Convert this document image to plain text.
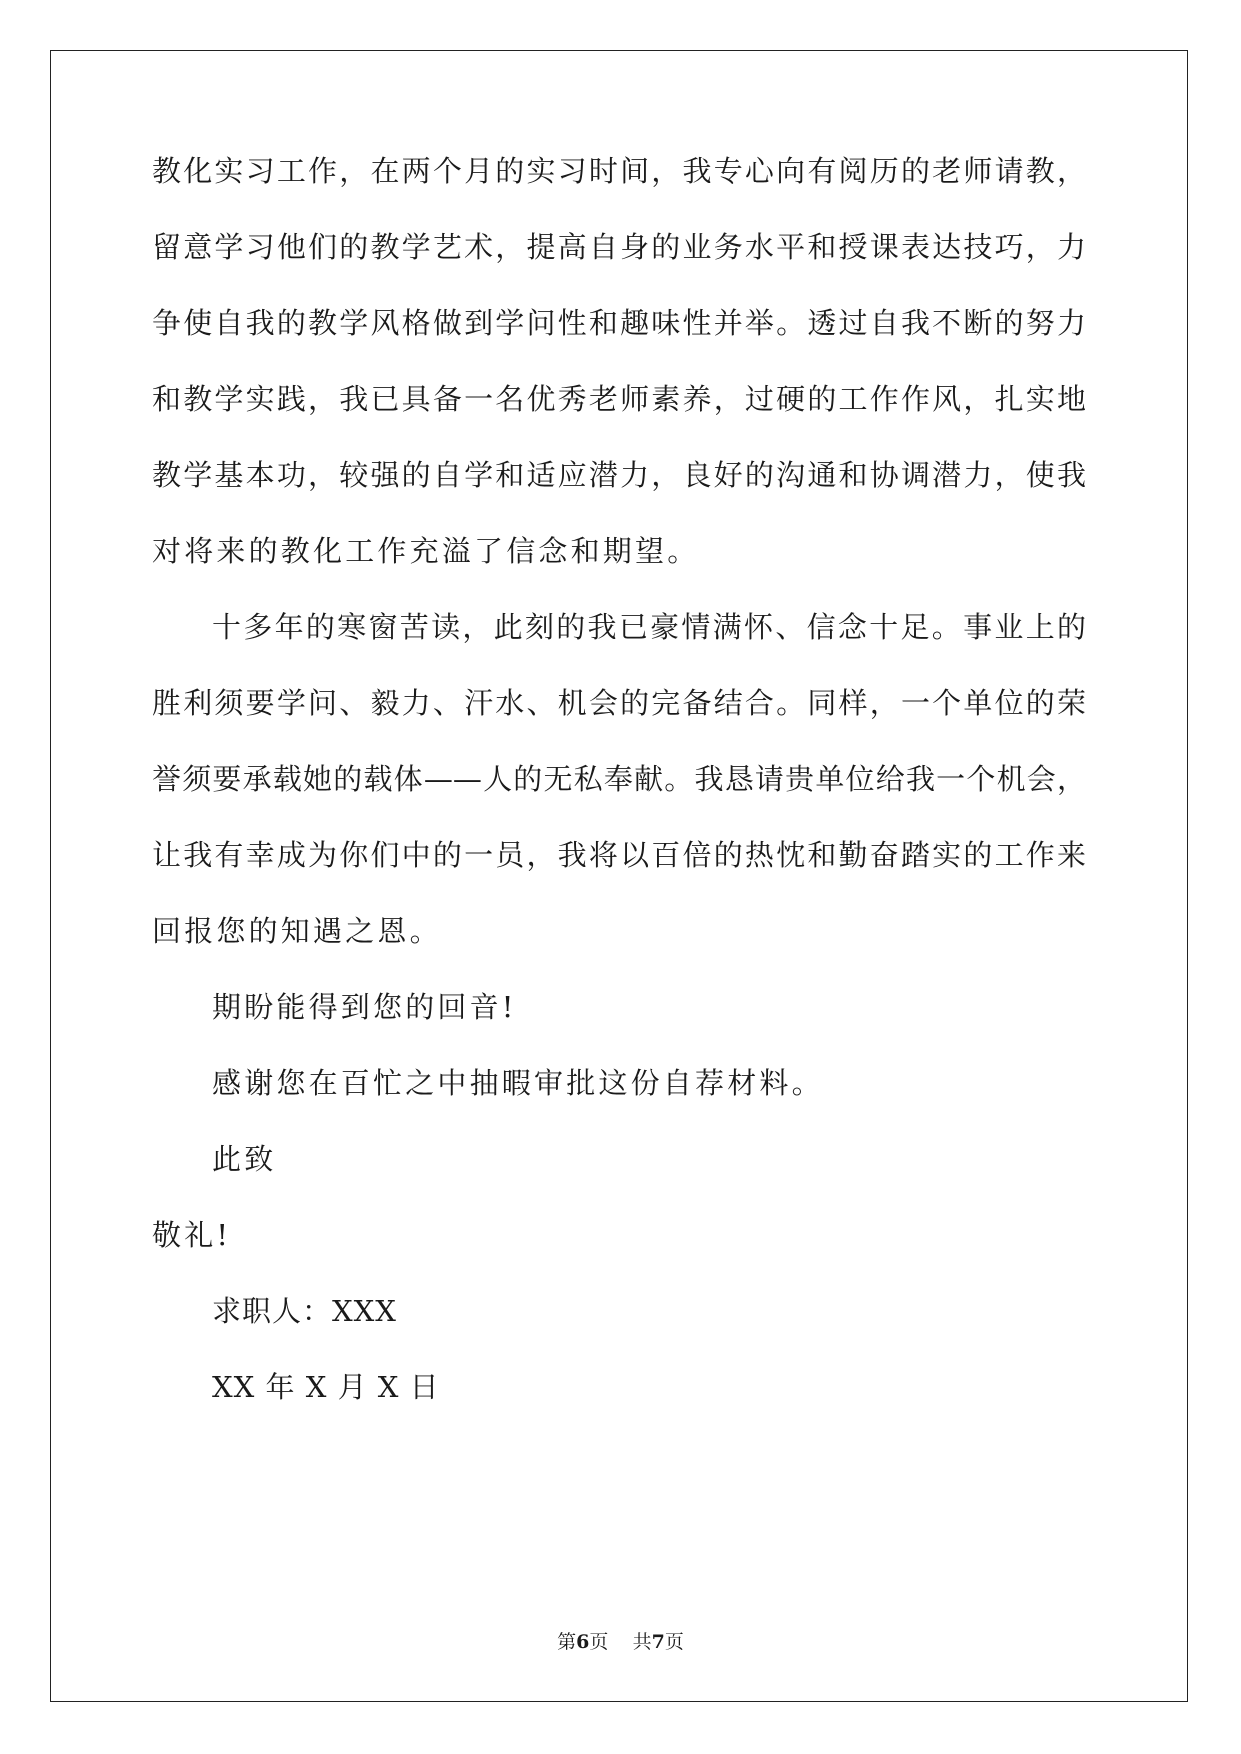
教化实习工作，在两个月的实习时间，我专心向有阅历的老师请教，
留意学习他们的教学艺术，提高自身的业务水平和授课表达技巧，力
争使自我的教学风格做到学问性和趣味性并举。透过自我不断的努力
和教学实践，我已具备一名优秀老师素养，过硬的工作作风，扎实地
教学基本功，较强的自学和适应潜力，良好的沟通和协调潜力，使我
对将来的教化工作充溢了信念和期望。
十多年的寒窗苦读，此刻的我已豪情满怀、信念十足。事业上的
胜利须要学问、毅力、汗水、机会的完备结合。同样，一个单位的荣
誉须要承载她的载体——人的无私奉献。我恳请贵单位给我一个机会，
让我有幸成为你们中的一员，我将以百倍的热忱和勤奋踏实的工作来
回报您的知遇之恩。
期盼能得到您的回音!
感谢您在百忙之中抽暇审批这份自荐材料。
此致
敬礼!
求职人：XXX
XX 年 X 月 X 日
第6页 共7页
